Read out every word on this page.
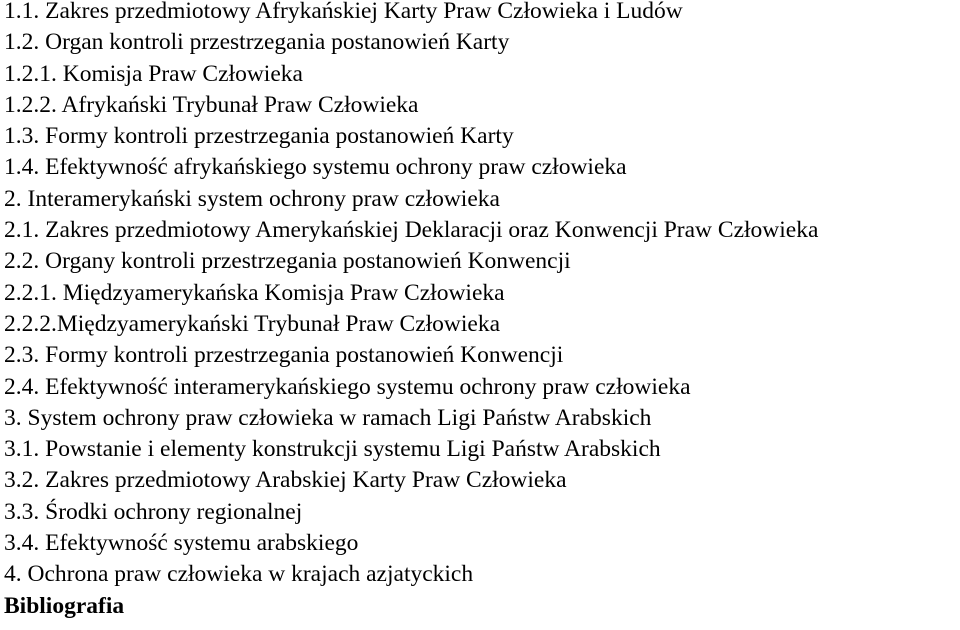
1.1. Zakres przedmiotowy Afrykańskiej Karty Praw Człowieka i Ludów
1.2. Organ kontroli przestrzegania postanowień Karty
1.2.1. Komisja Praw Człowieka
1.2.2. Afrykański Trybunał Praw Człowieka
1.3. Formy kontroli przestrzegania postanowień Karty
1.4. Efektywność afrykańskiego systemu ochrony praw człowieka
2. Interamerykański system ochrony praw człowieka
2.1. Zakres przedmiotowy Amerykańskiej Deklaracji oraz Konwencji Praw Człowieka
2.2. Organy kontroli przestrzegania postanowień Konwencji
2.2.1. Międzyamerykańska Komisja Praw Człowieka
2.2.2.Międzyamerykański Trybunał Praw Człowieka
2.3. Formy kontroli przestrzegania postanowień Konwencji
2.4. Efektywność interamerykańskiego systemu ochrony praw człowieka
3. System ochrony praw człowieka w ramach Ligi Państw Arabskich
3.1. Powstanie i elementy konstrukcji systemu Ligi Państw Arabskich
3.2. Zakres przedmiotowy Arabskiej Karty Praw Człowieka
3.3. Środki ochrony regionalnej
3.4. Efektywność systemu arabskiego
4. Ochrona praw człowieka w krajach azjatyckich
Bibliografia
